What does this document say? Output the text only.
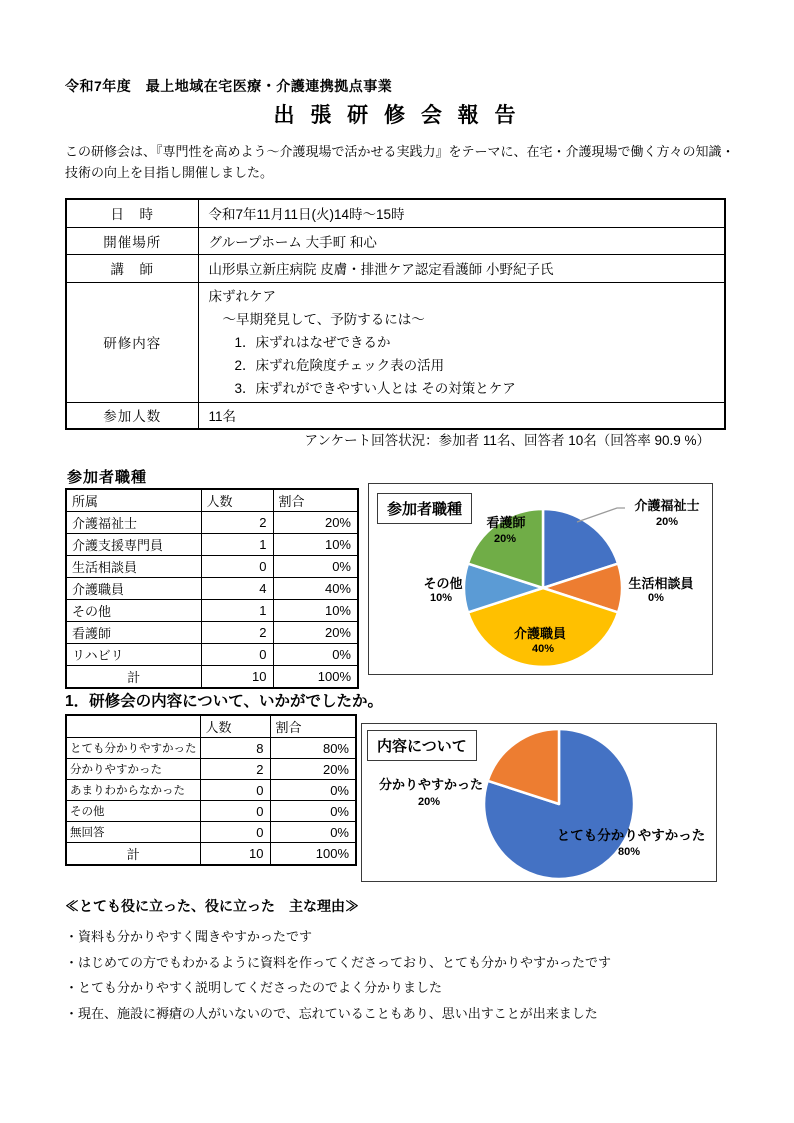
令和7年度　最上地域在宅医療・介護連携拠点事業
出 張 研 修 会 報 告

この研修会は、『専門性を高めよう～介護現場で活かせる実践力』をテーマに、在宅・介護現場で働く方々の知識・技術の向上を目指し開催しました。

日　時	令和7年11月11日(火)14時～15時
開催場所	グループホーム 大手町 和心
講　師	山形県立新庄病院 皮膚・排泄ケア認定看護師 小野紀子氏
研修内容	床ずれケア
～早期発見して、予防するには～
1．床ずれはなぜできるか
2．床ずれ危険度チェック表の活用
3．床ずれができやすい人とは その対策とケア

参加人数	11名
アンケート回答状況：参加者 11名、回答者 10名（回答率 90.9 %）
参加者職種
所属	人数	割合
介護福祉士	2	20%
介護支援専門員	1	10%
生活相談員	0	0%
介護職員	4	40%
その他	1	10%
看護師	2	20%
リハビリ	0	0%
計	10	100%
参加者職種
看護師
20%
介護福祉士
20%
生活相談員
0%
その他
10%
介護職員
40%
1．研修会の内容について、いかがでしたか。
	人数	割合
とても分かりやすかった	8	80%
分かりやすかった	2	20%
あまりわからなかった	0	0%
その他	0	0%
無回答	0	0%
計	10	100%
内容について
分かりやすかった
20%
とても分かりやすかった
80%
≪とても役に立った、役に立った　主な理由≫
・資料も分かりやすく聞きやすかったです
・はじめての方でもわかるように資料を作ってくださっており、とても分かりやすかったです
・とても分かりやすく説明してくださったのでよく分かりました
・現在、施設に褥瘡の人がいないので、忘れていることもあり、思い出すことが出来ました
